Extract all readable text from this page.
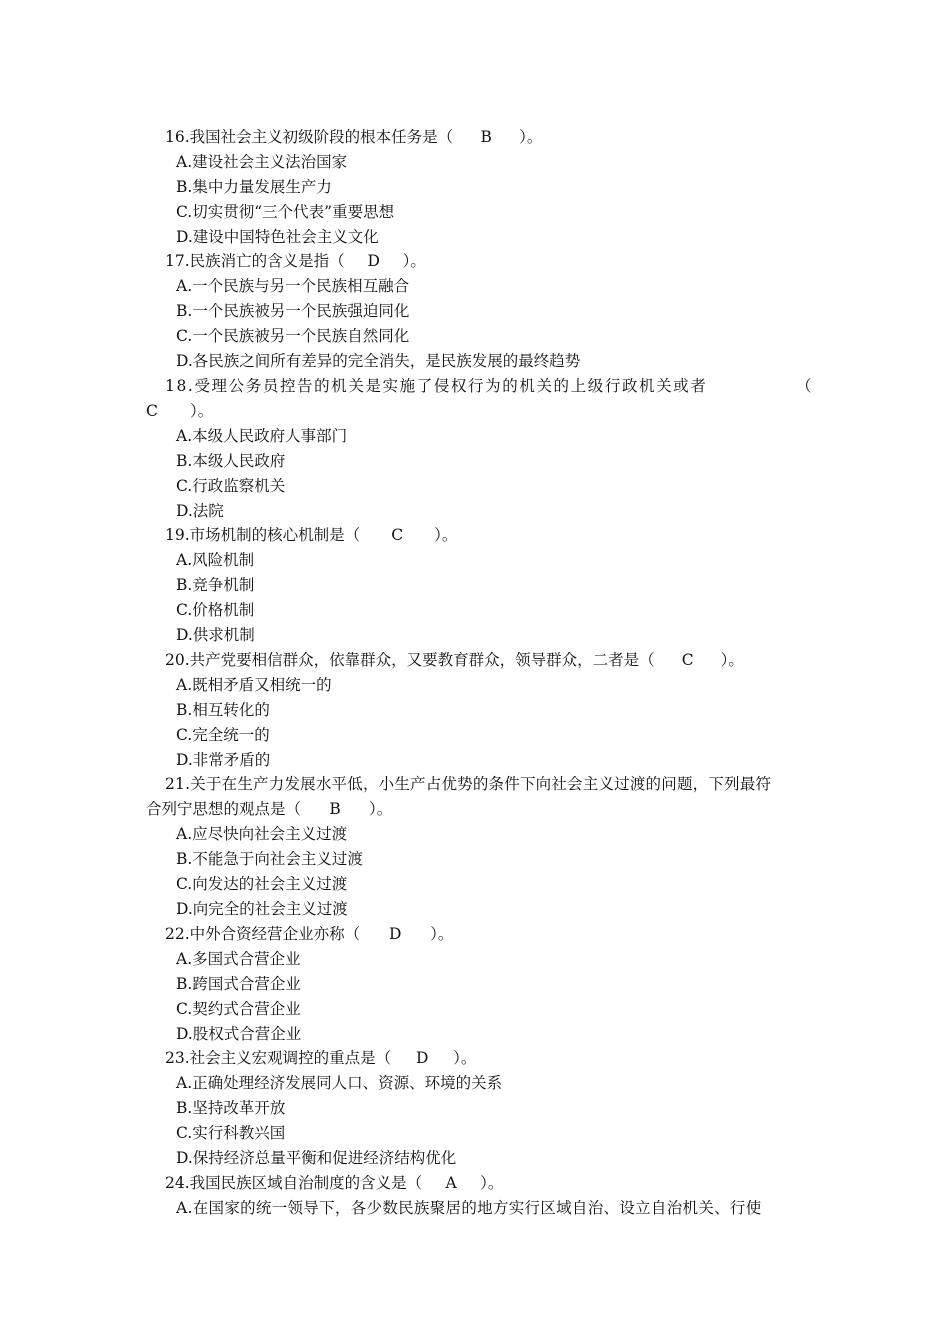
16.我国社会主义初级阶段的根本任务是（ B ）。
A.建设社会主义法治国家
B.集中力量发展生产力
C.切实贯彻“三个代表”重要思想
D.建设中国特色社会主义文化
17.民族消亡的含义是指（ D ）。
A.一个民族与另一个民族相互融合
B.一个民族被另一个民族强迫同化
C.一个民族被另一个民族自然同化
D.各民族之间所有差异的完全消失，是民族发展的最终趋势
18.受理公务员控告的机关是实施了侵权行为的机关的上级行政机关或者	（
C ）。
A.本级人民政府人事部门
B.本级人民政府
C.行政监察机关
D.法院
19.市场机制的核心机制是（ C ）。
A.风险机制
B.竞争机制
C.价格机制
D.供求机制
20.共产党要相信群众，依靠群众，又要教育群众，领导群众，二者是（ C ）。
A.既相矛盾又相统一的
B.相互转化的
C.完全统一的
D.非常矛盾的
21.关于在生产力发展水平低，小生产占优势的条件下向社会主义过渡的问题，下列最符
合列宁思想的观点是（ B ）。
A.应尽快向社会主义过渡
B.不能急于向社会主义过渡
C.向发达的社会主义过渡
D.向完全的社会主义过渡
22.中外合资经营企业亦称（ D ）。
A.多国式合营企业
B.跨国式合营企业
C.契约式合营企业
D.股权式合营企业
23.社会主义宏观调控的重点是（ D ）。
A.正确处理经济发展同人口、资源、环境的关系
B.坚持改革开放
C.实行科教兴国
D.保持经济总量平衡和促进经济结构优化
24.我国民族区域自治制度的含义是（ A ）。
A.在国家的统一领导下，各少数民族聚居的地方实行区域自治、设立自治机关、行使
